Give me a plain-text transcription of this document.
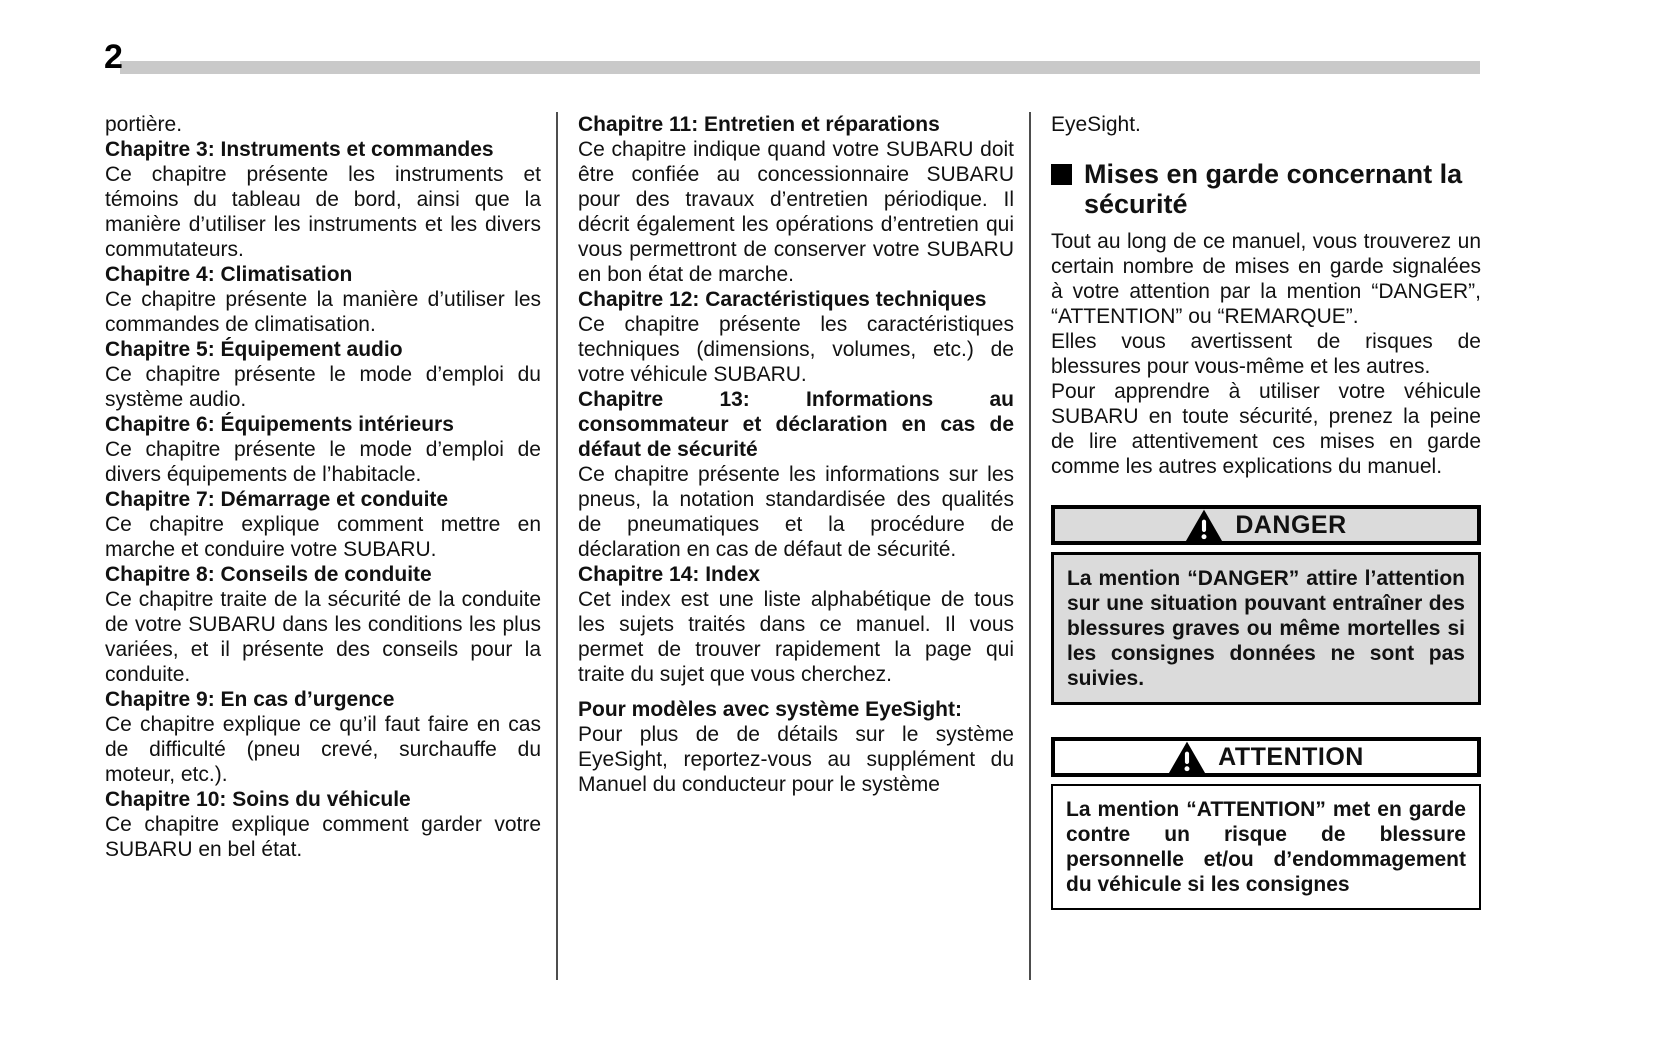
2

portière.

Chapitre 3: Instruments et commandes

Ce chapitre présente les instruments et témoins du tableau de bord, ainsi que la manière d’utiliser les instruments et les divers commutateurs.

Chapitre 4: Climatisation

Ce chapitre présente la manière d’utiliser les commandes de climatisation.

Chapitre 5: Équipement audio

Ce chapitre présente le mode d’emploi du système audio.

Chapitre 6: Équipements intérieurs

Ce chapitre présente le mode d’emploi de divers équipements de l’habitacle.

Chapitre 7: Démarrage et conduite

Ce chapitre explique comment mettre en marche et conduire votre SUBARU.

Chapitre 8: Conseils de conduite

Ce chapitre traite de la sécurité de la conduite de votre SUBARU dans les conditions les plus variées, et il présente des conseils pour la conduite.

Chapitre 9: En cas d’urgence

Ce chapitre explique ce qu’il faut faire en cas de difficulté (pneu crevé, surchauffe du moteur, etc.).

Chapitre 10: Soins du véhicule

Ce chapitre explique comment garder votre SUBARU en bel état.

Chapitre 11: Entretien et réparations

Ce chapitre indique quand votre SUBARU doit être confiée au concessionnaire SUBARU pour des travaux d’entretien périodique. Il décrit également les opérations d’entretien qui vous permettront de conserver votre SUBARU en bon état de marche.

Chapitre 12: Caractéristiques techniques

Ce chapitre présente les caractéristiques techniques (dimensions, volumes, etc.) de votre véhicule SUBARU.

Chapitre 13: Informations au consommateur et déclaration en cas de défaut de sécurité

Ce chapitre présente les informations sur les pneus, la notation standardisée des qualités de pneumatiques et la procédure de déclaration en cas de défaut de sécurité.

Chapitre 14: Index

Cet index est une liste alphabétique de tous les sujets traités dans ce manuel. Il vous permet de trouver rapidement la page qui traite du sujet que vous cherchez.

Pour modèles avec système EyeSight:

Pour plus de de détails sur le système EyeSight, reportez-vous au supplément du Manuel du conducteur pour le système

EyeSight.

Mises en garde concernant la sécurité

Tout au long de ce manuel, vous trouverez un certain nombre de mises en garde signalées à votre attention par la mention “DANGER”, “ATTENTION” ou “REMARQUE”.

Elles vous avertissent de risques de blessures pour vous-même et les autres.

Pour apprendre à utiliser votre véhicule SUBARU en toute sécurité, prenez la peine de lire attentivement ces mises en garde comme les autres explications du manuel.

DANGER
La mention “DANGER” attire l’attention sur une situation pouvant entraîner des blessures graves ou même mortelles si les consignes données ne sont pas suivies.
ATTENTION
La mention “ATTENTION” met en garde contre un risque de blessure personnelle et/ou d’endommagement du véhicule si les consignes
